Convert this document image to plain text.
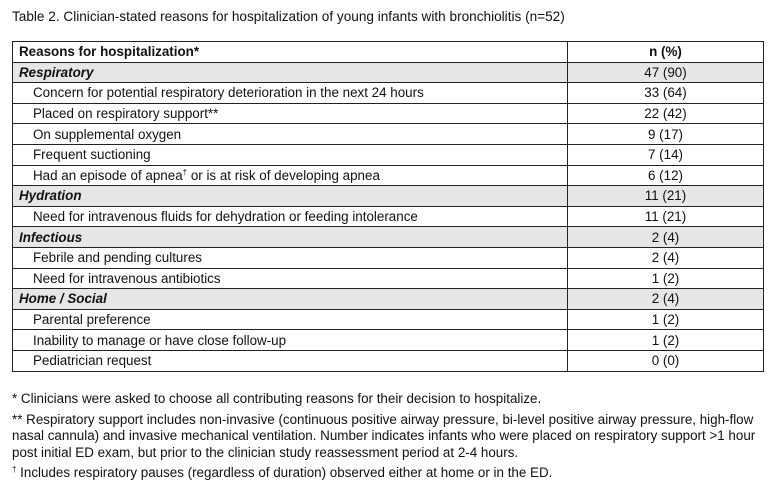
Table 2. Clinician-stated reasons for hospitalization of young infants with bronchiolitis (n=52)
Reasons for hospitalization*	n (%)
Respiratory	47 (90)
Concern for potential respiratory deterioration in the next 24 hours	33 (64)
Placed on respiratory support**	22 (42)
On supplemental oxygen	9 (17)
Frequent suctioning	7 (14)
Had an episode of apnea† or is at risk of developing apnea	6 (12)
Hydration	11 (21)
Need for intravenous fluids for dehydration or feeding intolerance	11 (21)
Infectious	2 (4)
Febrile and pending cultures	2 (4)
Need for intravenous antibiotics	1 (2)
Home / Social	2 (4)
Parental preference	1 (2)
Inability to manage or have close follow-up	1 (2)
Pediatrician request	0 (0)

* Clinicians were asked to choose all contributing reasons for their decision to hospitalize.

** Respiratory support includes non-invasive (continuous positive airway pressure, bi-level positive airway pressure, high-flow nasal cannula) and invasive mechanical ventilation. Number indicates infants who were placed on respiratory support >1 hour post initial ED exam, but prior to the clinician study reassessment period at 2-4 hours.

† Includes respiratory pauses (regardless of duration) observed either at home or in the ED.
